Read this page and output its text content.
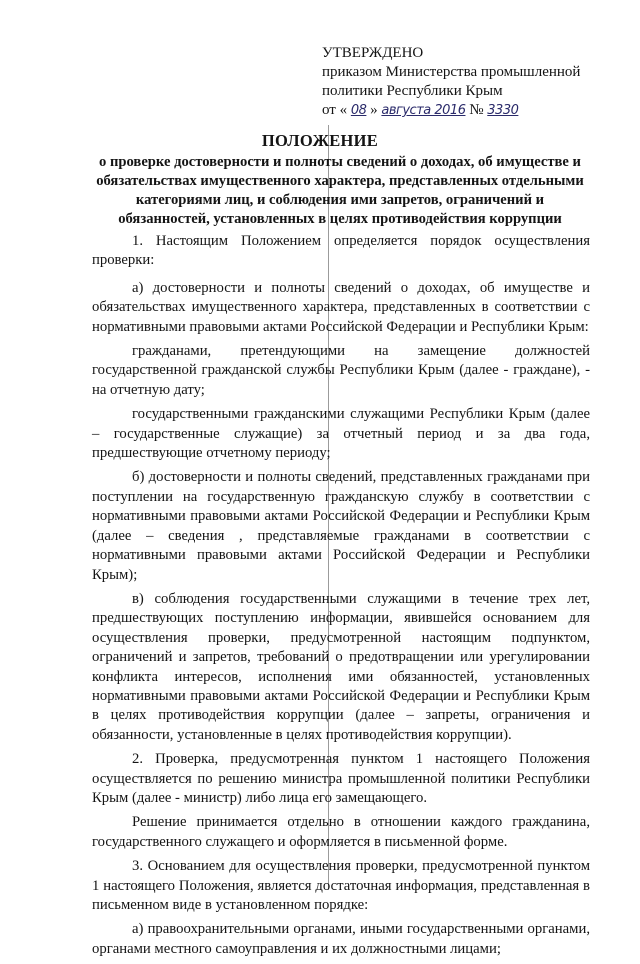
УТВЕРЖДЕНО
приказом Министерства промышленной
политики Республики Крым
от « 08 » августа 2016 № 3330
ПОЛОЖЕНИЕ
о проверке достоверности и полноты сведений о доходах, об имуществе и обязательствах имущественного характера, представленных отдельными категориями лиц, и соблюдения ими запретов, ограничений и обязанностей, установленных в целях противодействия коррупции

1. Настоящим Положением определяется порядок осуществления проверки:

а) достоверности и полноты сведений о доходах, об имуществе и обязательствах имущественного характера, представленных в соответствии с нормативными правовыми актами Российской Федерации и Республики Крым:

гражданами, претендующими на замещение должностей государственной гражданской службы Республики Крым (далее - граждане), - на отчетную дату;

государственными гражданскими служащими Республики Крым (далее – государственные служащие) за отчетный период и за два года, предшествующие отчетному периоду;

б) достоверности и полноты сведений, представленных гражданами при поступлении на государственную гражданскую службу в соответствии с нормативными правовыми актами Российской Федерации и Республики Крым (далее – сведения , представляемые гражданами в соответствии с нормативными правовыми актами Российской Федерации и Республики Крым);

в) соблюдения государственными служащими в течение трех лет, предшествующих поступлению информации, явившейся основанием для осуществления проверки, предусмотренной настоящим подпунктом, ограничений и запретов, требований о предотвращении или урегулировании конфликта интересов, исполнения ими обязанностей, установленных нормативными правовыми актами Российской Федерации и Республики Крым в целях противодействия коррупции (далее – запреты, ограничения и обязанности, установленные в целях противодействия коррупции).

2. Проверка, предусмотренная пунктом 1 настоящего Положения осуществляется по решению министра промышленной политики Республики Крым (далее - министр) либо лица его замещающего.

Решение принимается отдельно в отношении каждого гражданина, государственного служащего и оформляется в письменной форме.

3. Основанием для осуществления проверки, предусмотренной пунктом 1 настоящего Положения, является достаточная информация, представленная в письменном виде в установленном порядке:

а) правоохранительными органами, иными государственными органами, органами местного самоуправления и их должностными лицами;
